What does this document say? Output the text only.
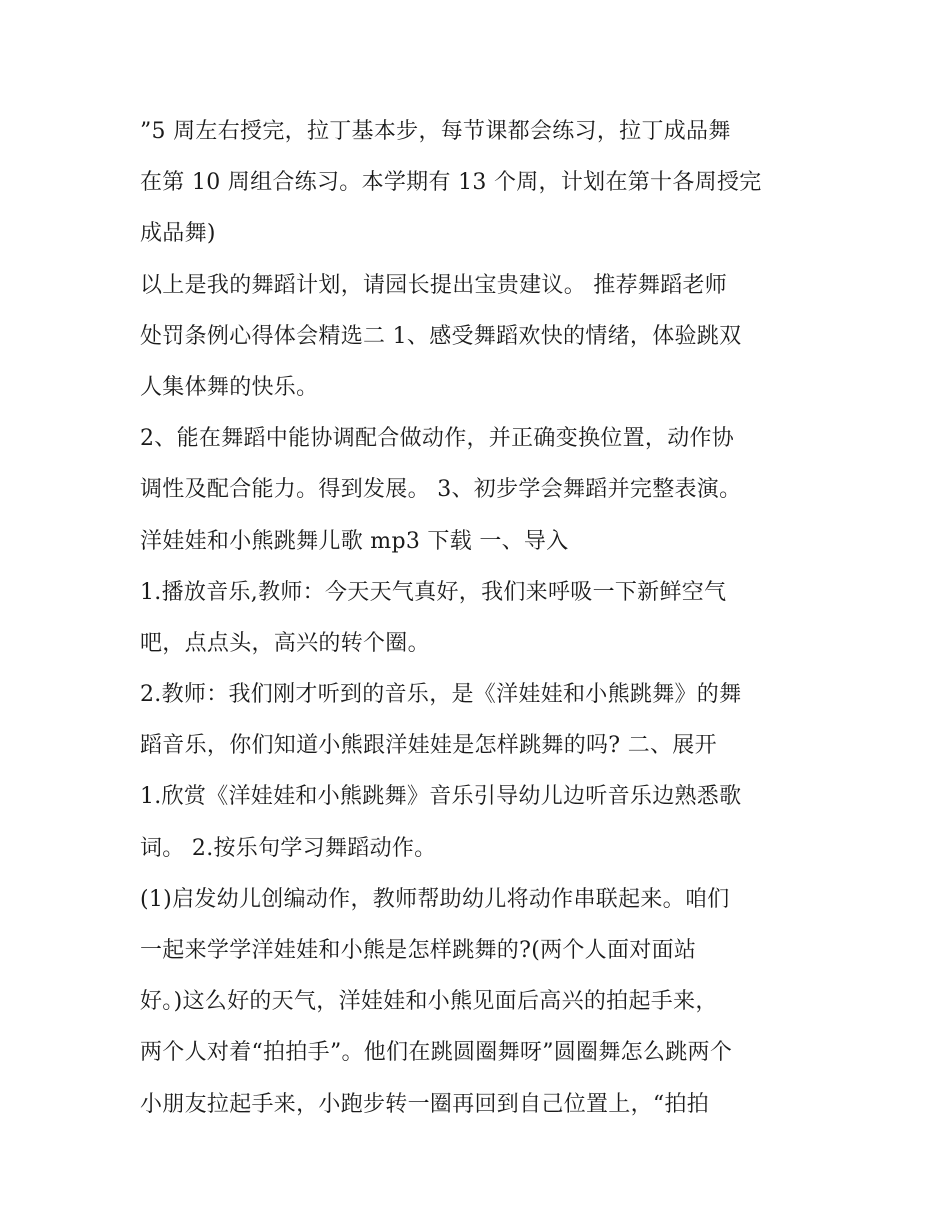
”5 周左右授完，拉丁基本步，每节课都会练习，拉丁成品舞
在第 10 周组合练习。本学期有 13 个周，计划在第十各周授完
成品舞)
以上是我的舞蹈计划，请园长提出宝贵建议。 推荐舞蹈老师
处罚条例心得体会精选二 1、感受舞蹈欢快的情绪，体验跳双
人集体舞的快乐。
2、能在舞蹈中能协调配合做动作，并正确变换位置，动作协
调性及配合能力。得到发展。 3、初步学会舞蹈并完整表演。
洋娃娃和小熊跳舞儿歌 mp3 下载 一、导入
1.播放音乐,教师：今天天气真好，我们来呼吸一下新鲜空气
吧，点点头，高兴的转个圈。
2.教师：我们刚才听到的音乐，是《洋娃娃和小熊跳舞》的舞
蹈音乐，你们知道小熊跟洋娃娃是怎样跳舞的吗? 二、展开
1.欣赏《洋娃娃和小熊跳舞》音乐引导幼儿边听音乐边熟悉歌
词。 2.按乐句学习舞蹈动作。
(1)启发幼儿创编动作，教师帮助幼儿将动作串联起来。咱们
一起来学学洋娃娃和小熊是怎样跳舞的?(两个人面对面站
好。)这么好的天气，洋娃娃和小熊见面后高兴的拍起手来，
两个人对着“拍拍手”。他们在跳圆圈舞呀”圆圈舞怎么跳两个
小朋友拉起手来，小跑步转一圈再回到自己位置上，“拍拍
